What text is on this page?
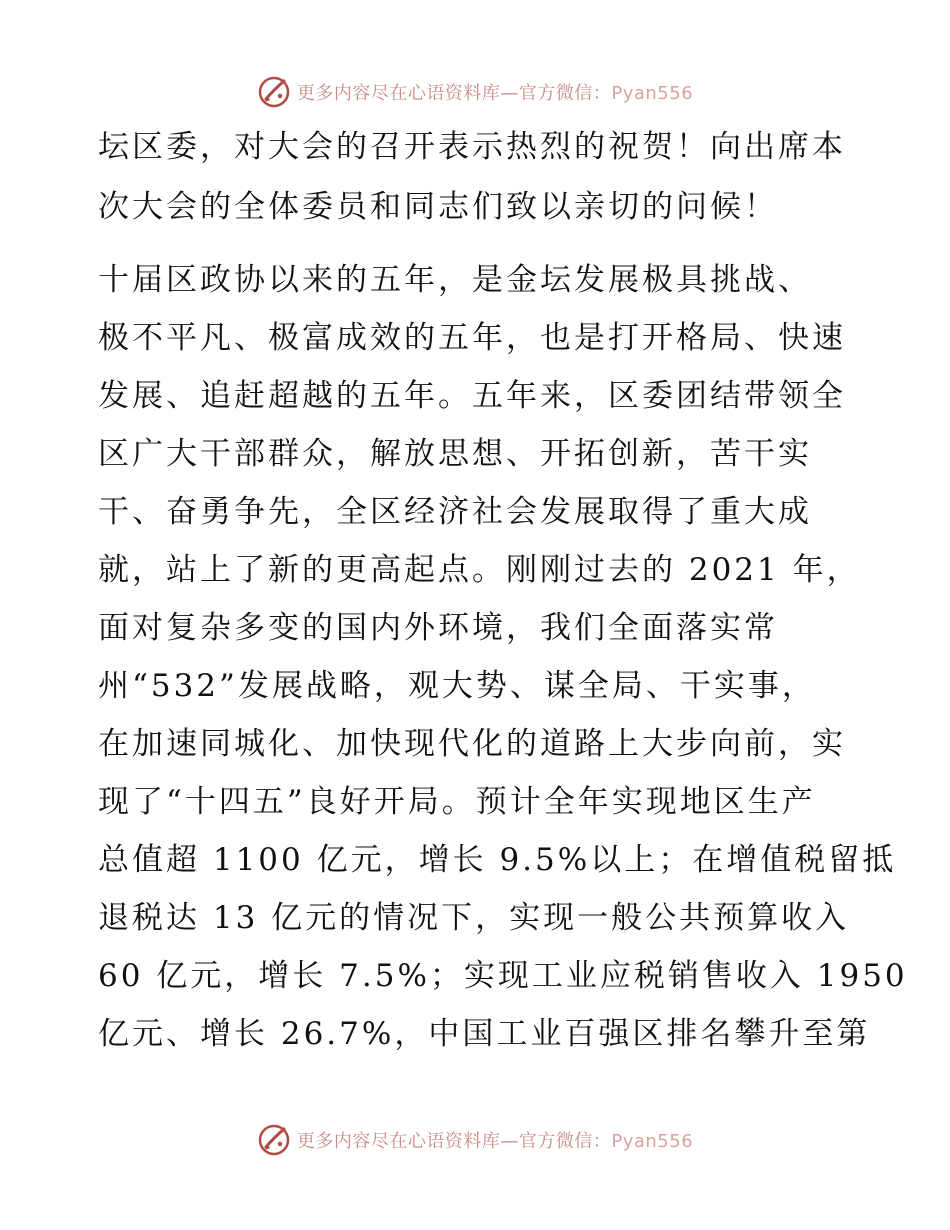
更多内容尽在心语资料库—官方微信：Pyan556
坛区委，对大会的召开表示热烈的祝贺！向出席本
次大会的全体委员和同志们致以亲切的问候！
十届区政协以来的五年，是金坛发展极具挑战、
极不平凡、极富成效的五年，也是打开格局、快速
发展、追赶超越的五年。五年来，区委团结带领全
区广大干部群众，解放思想、开拓创新，苦干实
干、奋勇争先，全区经济社会发展取得了重大成
就，站上了新的更高起点。刚刚过去的 2021 年，
面对复杂多变的国内外环境，我们全面落实常
州“532”发展战略，观大势、谋全局、干实事，
在加速同城化、加快现代化的道路上大步向前，实
现了“十四五”良好开局。预计全年实现地区生产
总值超 1100 亿元，增长 9.5%以上；在增值税留抵
退税达 13 亿元的情况下，实现一般公共预算收入
60 亿元，增长 7.5%；实现工业应税销售收入 1950
亿元、增长 26.7%，中国工业百强区排名攀升至第
更多内容尽在心语资料库—官方微信：Pyan556
